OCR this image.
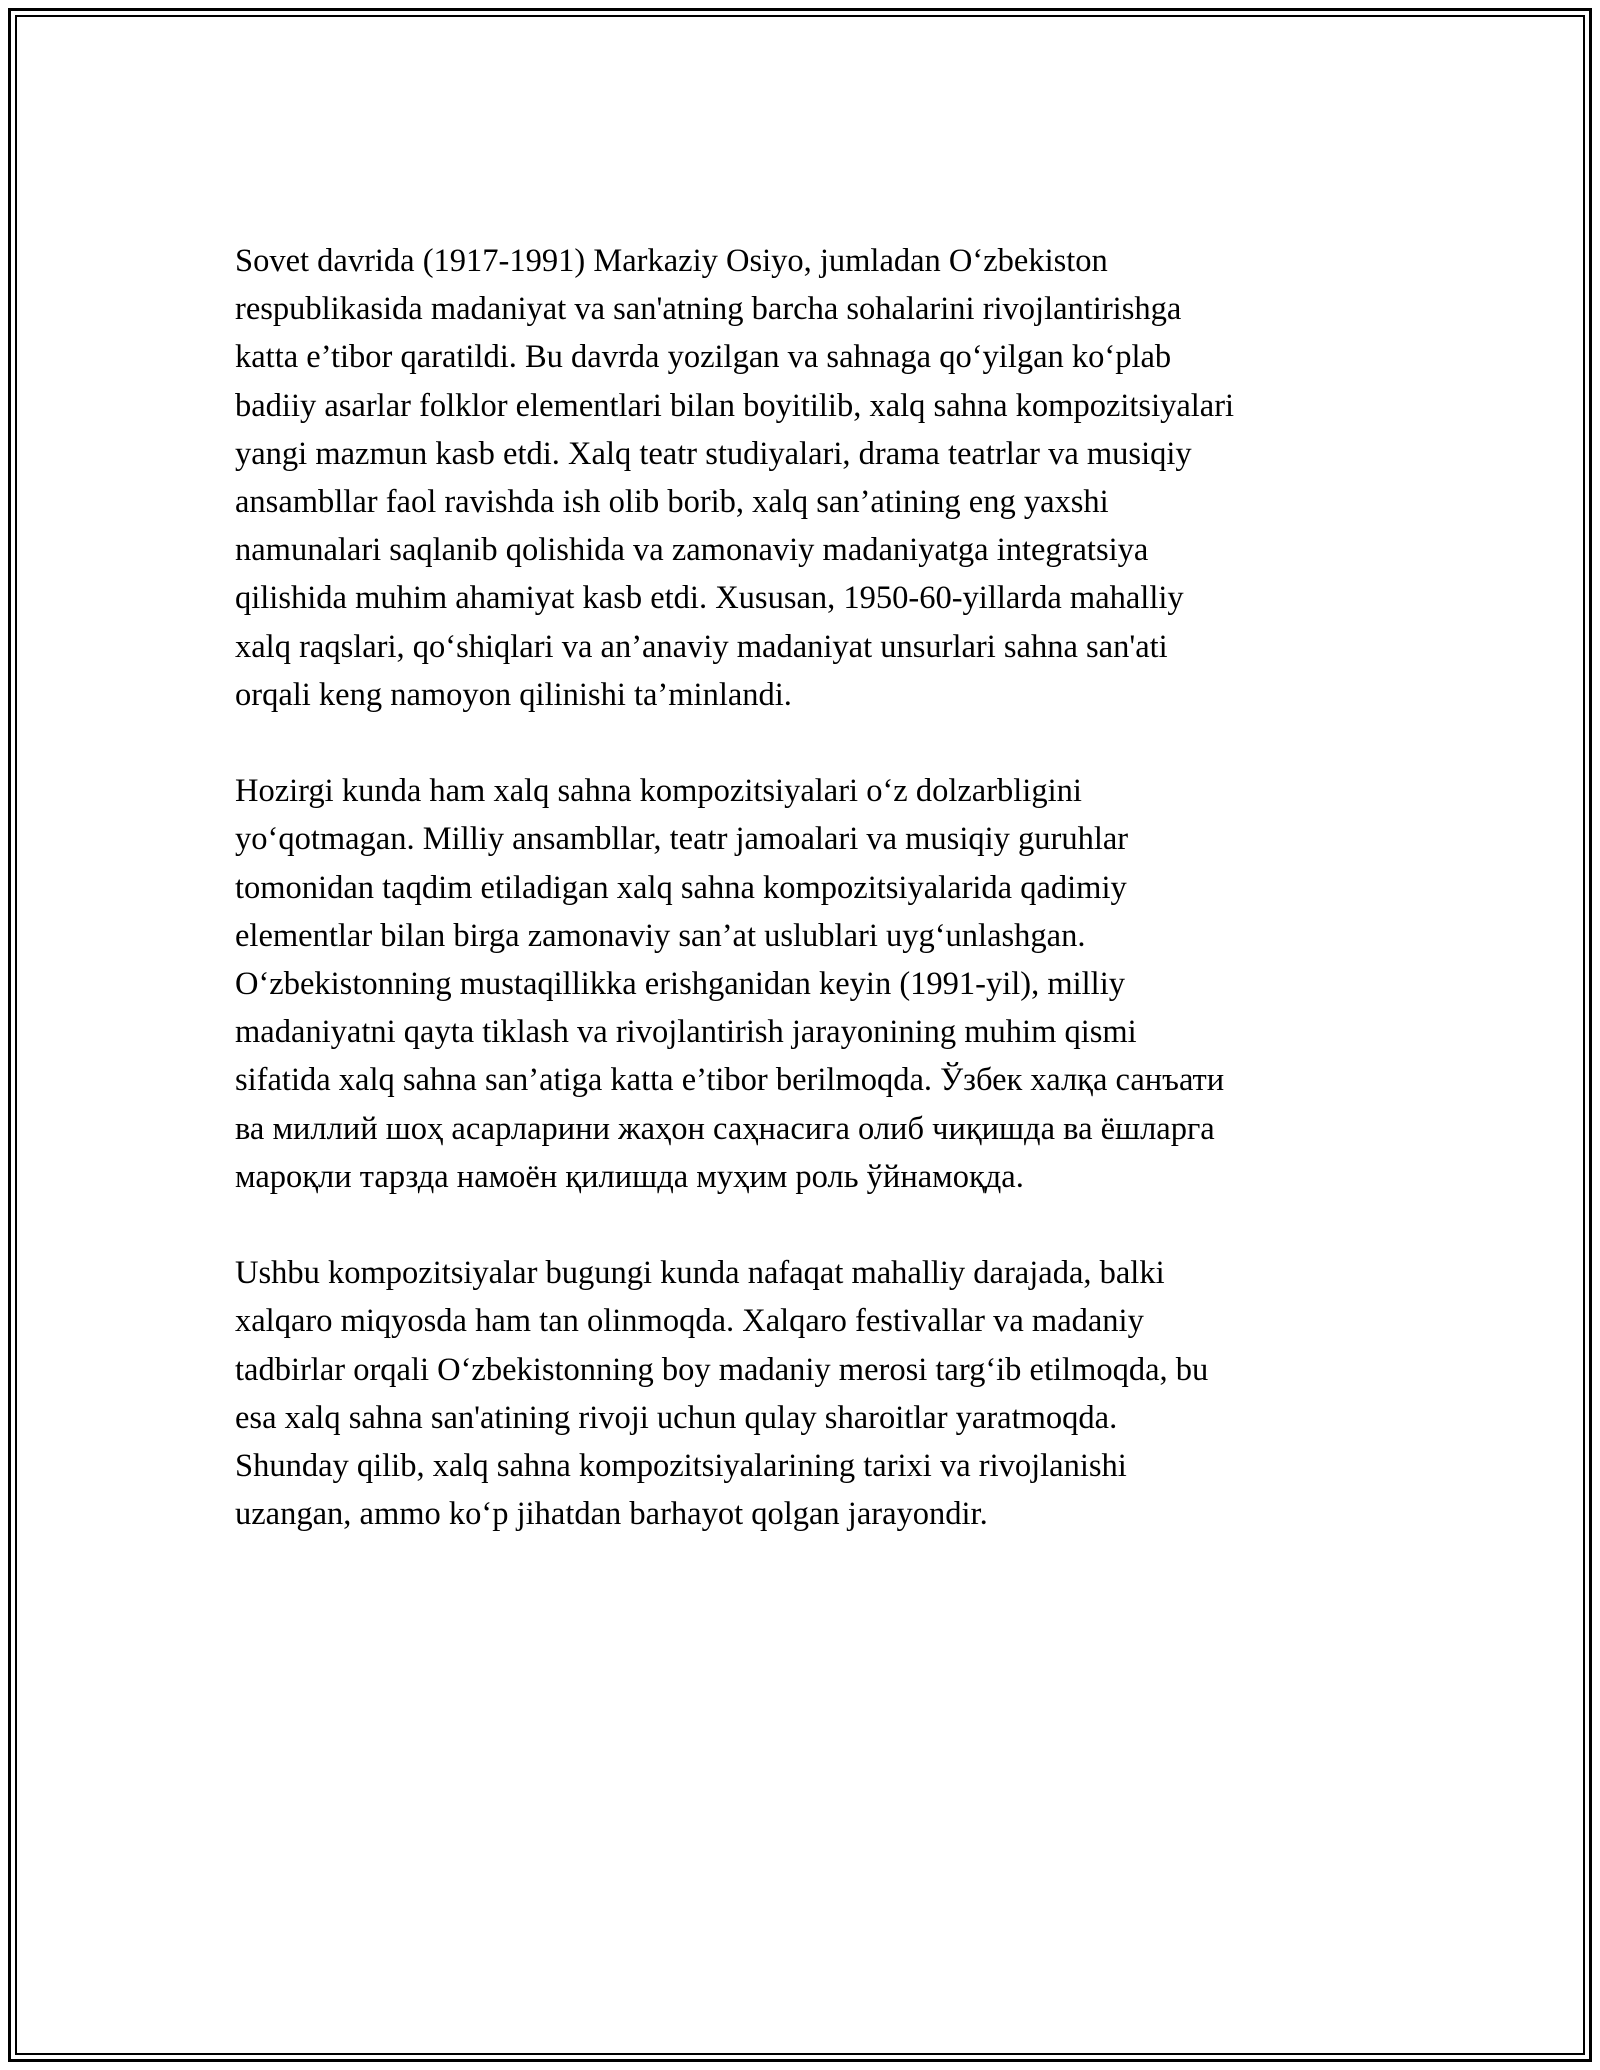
Sovet davrida (1917-1991) Markaziy Osiyo, jumladan O‘zbekiston
respublikasida madaniyat va san'atning barcha sohalarini rivojlantirishga
katta e’tibor qaratildi. Bu davrda yozilgan va sahnaga qo‘yilgan ko‘plab
badiiy asarlar folklor elementlari bilan boyitilib, xalq sahna kompozitsiyalari
yangi mazmun kasb etdi. Xalq teatr studiyalari, drama teatrlar va musiqiy
ansambllar faol ravishda ish olib borib, xalq san’atining eng yaxshi
namunalari saqlanib qolishida va zamonaviy madaniyatga integratsiya
qilishida muhim ahamiyat kasb etdi. Xususan, 1950-60-yillarda mahalliy
xalq raqslari, qo‘shiqlari va an’anaviy madaniyat unsurlari sahna san'ati
orqali keng namoyon qilinishi ta’minlandi.

Hozirgi kunda ham xalq sahna kompozitsiyalari o‘z dolzarbligini
yo‘qotmagan. Milliy ansambllar, teatr jamoalari va musiqiy guruhlar
tomonidan taqdim etiladigan xalq sahna kompozitsiyalarida qadimiy
elementlar bilan birga zamonaviy san’at uslublari uyg‘unlashgan.
O‘zbekistonning mustaqillikka erishganidan keyin (1991-yil), milliy
madaniyatni qayta tiklash va rivojlantirish jarayonining muhim qismi
sifatida xalq sahna san’atiga katta e’tibor berilmoqda. Ўзбек халқа санъати
ва миллий шоҳ асарларини жаҳон саҳнасига олиб чиқишда ва ёшларга
мароқли тарзда намоён қилишда муҳим роль ўйнамоқда.

Ushbu kompozitsiyalar bugungi kunda nafaqat mahalliy darajada, balki
xalqaro miqyosda ham tan olinmoqda. Xalqaro festivallar va madaniy
tadbirlar orqali O‘zbekistonning boy madaniy merosi targ‘ib etilmoqda, bu
esa xalq sahna san'atining rivoji uchun qulay sharoitlar yaratmoqda.
Shunday qilib, xalq sahna kompozitsiyalarining tarixi va rivojlanishi
uzangan, ammo ko‘p jihatdan barhayot qolgan jarayondir.
